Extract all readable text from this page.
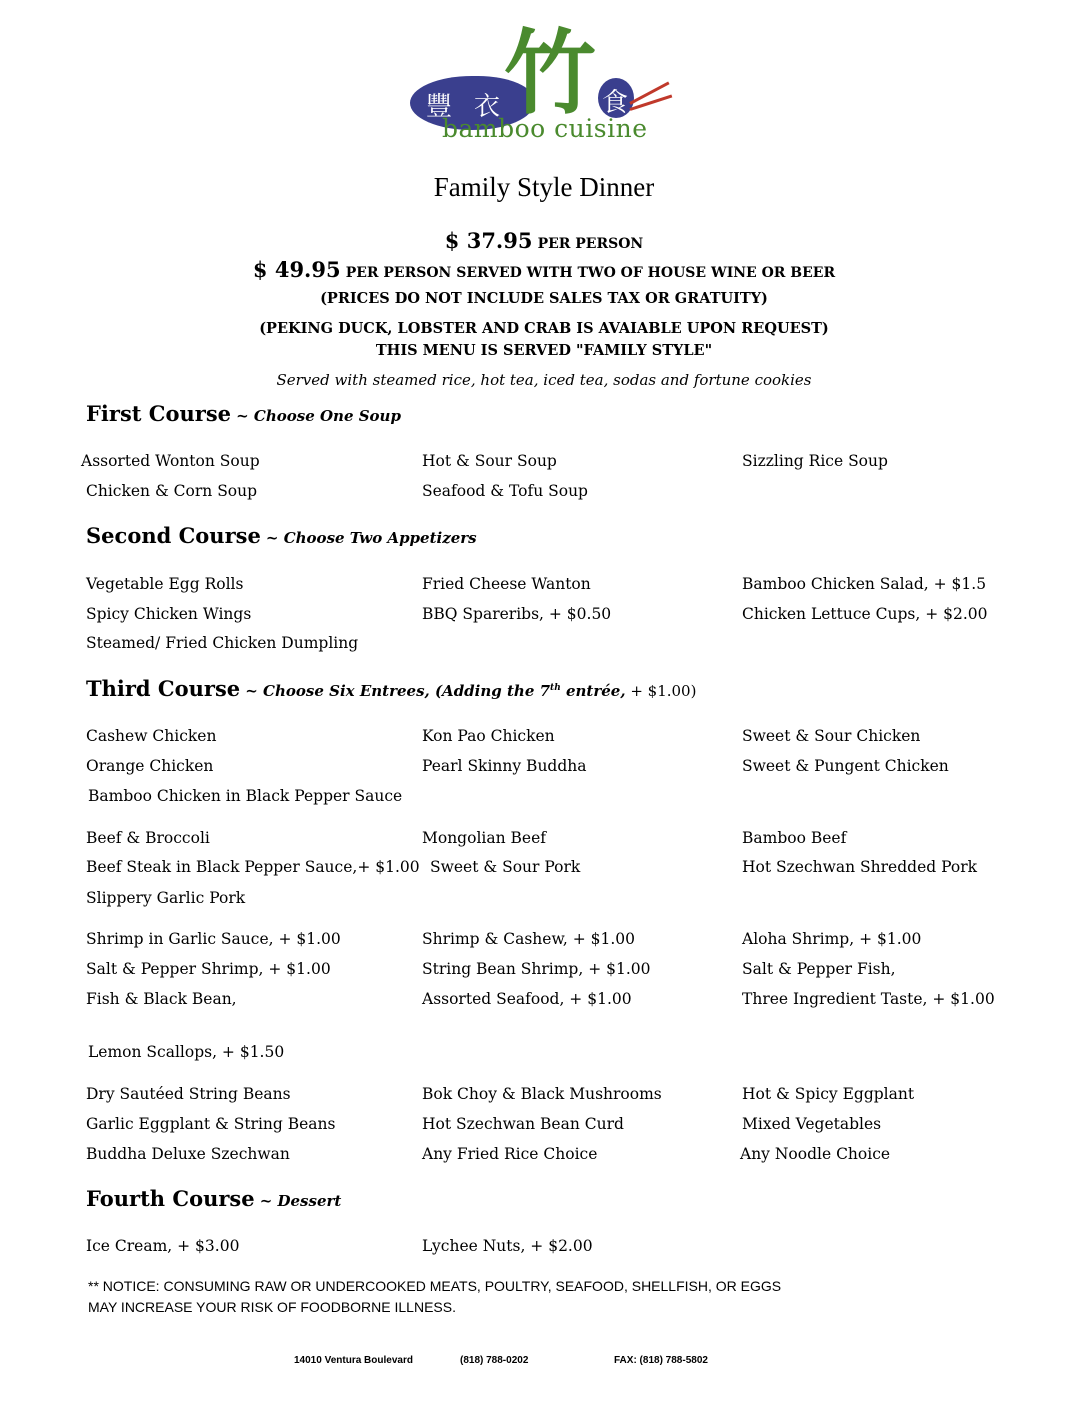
豐 衣 竹 食
bamboo cuisine
Family Style Dinner
$ 37.95 PER PERSON
$ 49.95 PER PERSON SERVED WITH TWO OF HOUSE WINE OR BEER
(PRICES DO NOT INCLUDE SALES TAX OR GRATUITY)
(PEKING DUCK, LOBSTER AND CRAB IS AVAIABLE UPON REQUEST)
THIS MENU IS SERVED "FAMILY STYLE"
Served with steamed rice, hot tea, iced tea, sodas and fortune cookies
First Course ~ Choose One Soup
Assorted Wonton Soup	Hot & Sour Soup	Sizzling Rice Soup
Chicken & Corn Soup	Seafood & Tofu Soup
Second Course ~ Choose Two Appetizers
Vegetable Egg Rolls	Fried Cheese Wanton	Bamboo Chicken Salad, + $1.5
Spicy Chicken Wings	BBQ Spareribs, + $0.50	Chicken Lettuce Cups, + $2.00
Steamed/ Fried Chicken Dumpling
Third Course ~ Choose Six Entrees, (Adding the 7th entrée, + $1.00)
Cashew Chicken	Kon Pao Chicken	Sweet & Sour Chicken
Orange Chicken	Pearl Skinny Buddha	Sweet & Pungent Chicken
Bamboo Chicken in Black Pepper Sauce
Beef & Broccoli	Mongolian Beef	Bamboo Beef
Beef Steak in Black Pepper Sauce,+ $1.00 Sweet & Sour Pork	Hot Szechwan Shredded Pork
Slippery Garlic Pork
Shrimp in Garlic Sauce, + $1.00	Shrimp & Cashew, + $1.00	Aloha Shrimp, + $1.00
Salt & Pepper Shrimp, + $1.00	String Bean Shrimp, + $1.00	Salt & Pepper Fish,
Fish & Black Bean,	Assorted Seafood, + $1.00	Three Ingredient Taste, + $1.00
Lemon Scallops, + $1.50
Dry Sautéed String Beans	Bok Choy & Black Mushrooms	Hot & Spicy Eggplant
Garlic Eggplant & String Beans	Hot Szechwan Bean Curd	Mixed Vegetables
Buddha Deluxe Szechwan	Any Fried Rice Choice	Any Noodle Choice
Fourth Course ~ Dessert
Ice Cream, + $3.00	Lychee Nuts, + $2.00
** NOTICE: CONSUMING RAW OR UNDERCOOKED MEATS, POULTRY, SEAFOOD, SHELLFISH, OR EGGS
MAY INCREASE YOUR RISK OF FOODBORNE ILLNESS.
14010 Ventura Boulevard	(818) 788-0202	FAX: (818) 788-5802
